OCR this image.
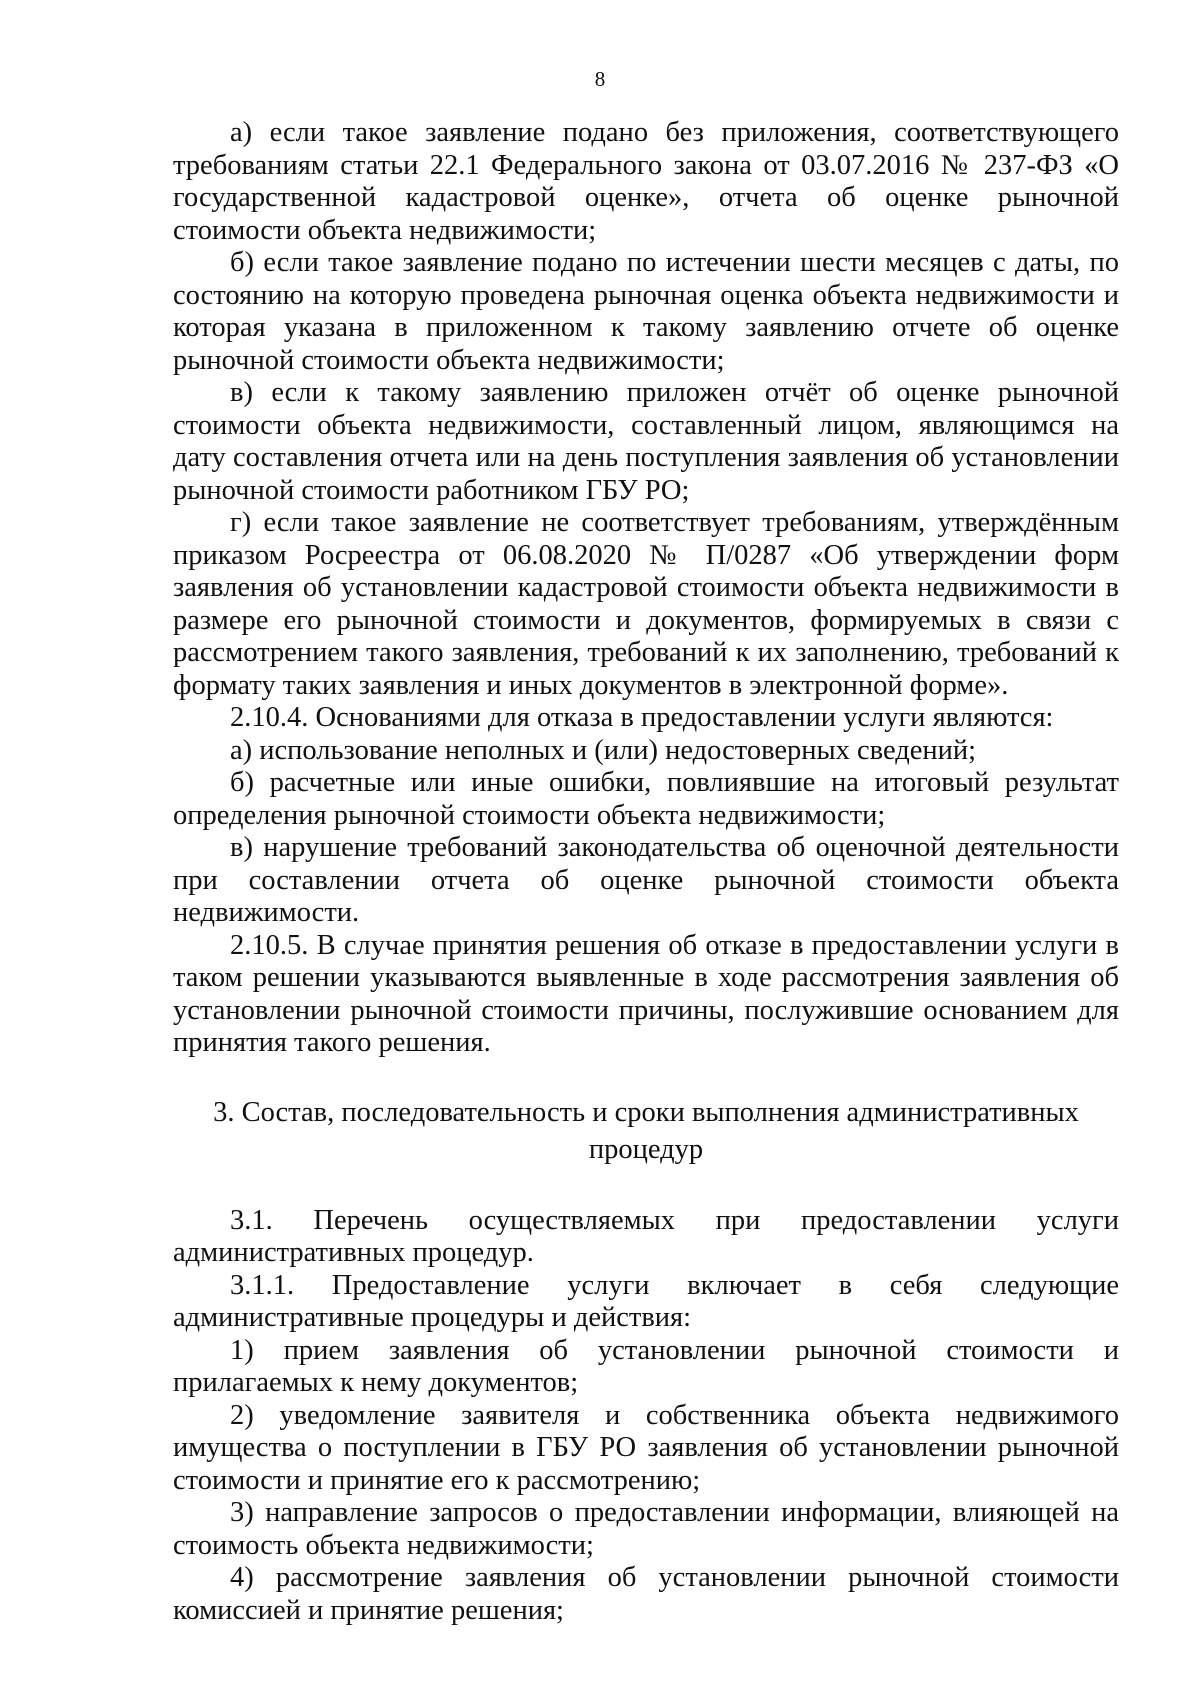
8

а) если такое заявление подано без приложения, соответствующего требованиям статьи 22.1 Федерального закона от 03.07.2016 № 237-ФЗ «О государственной кадастровой оценке», отчета об оценке рыночной стоимости объекта недвижимости;

б) если такое заявление подано по истечении шести месяцев с даты, по состоянию на которую проведена рыночная оценка объекта недвижимости и которая указана в приложенном к такому заявлению отчете об оценке рыночной стоимости объекта недвижимости;

в) если к такому заявлению приложен отчёт об оценке рыночной стоимости объекта недвижимости, составленный лицом, являющимся на дату составления отчета или на день поступления заявления об установлении рыночной стоимости работником ГБУ РО;

г) если такое заявление не соответствует требованиям, утверждённым приказом Росреестра от 06.08.2020 № П/0287 «Об утверждении форм заявления об установлении кадастровой стоимости объекта недвижимости в размере его рыночной стоимости и документов, формируемых в связи с рассмотрением такого заявления, требований к их заполнению, требований к формату таких заявления и иных документов в электронной форме».

2.10.4. Основаниями для отказа в предоставлении услуги являются:

а) использование неполных и (или) недостоверных сведений;

б) расчетные или иные ошибки, повлиявшие на итоговый результат определения рыночной стоимости объекта недвижимости;

в) нарушение требований законодательства об оценочной деятельности при составлении отчета об оценке рыночной стоимости объекта недвижимости.

2.10.5. В случае принятия решения об отказе в предоставлении услуги в таком решении указываются выявленные в ходе рассмотрения заявления об установлении рыночной стоимости причины, послужившие основанием для принятия такого решения.

3. Состав, последовательность и сроки выполнения административных
процедур

3.1. Перечень осуществляемых при предоставлении услуги административных процедур.

3.1.1. Предоставление услуги включает в себя следующие административные процедуры и действия:

1) прием заявления об установлении рыночной стоимости и прилагаемых к нему документов;

2) уведомление заявителя и собственника объекта недвижимого имущества о поступлении в ГБУ РО заявления об установлении рыночной стоимости и принятие его к рассмотрению;

3) направление запросов о предоставлении информации, влияющей на стоимость объекта недвижимости;

4) рассмотрение заявления об установлении рыночной стоимости комиссией и принятие решения;
